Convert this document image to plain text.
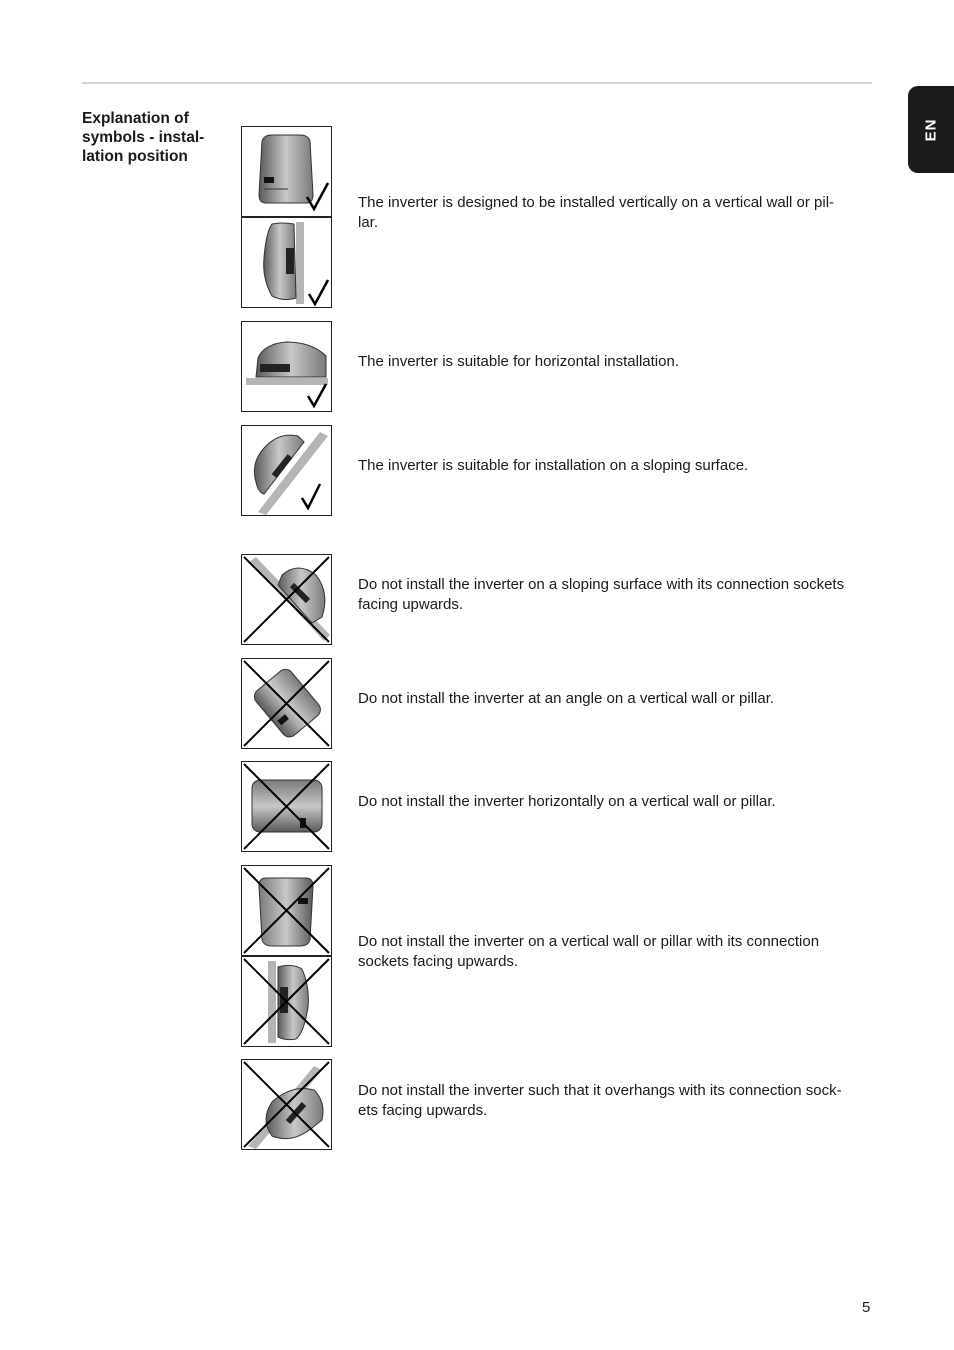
EN
Explanation of
symbols - instal-
lation position
The inverter is designed to be installed vertically on a vertical wall or pil-
lar.
The inverter is suitable for horizontal installation.
The inverter is suitable for installation on a sloping surface.
Do not install the inverter on a sloping surface with its connection sockets
facing upwards.
Do not install the inverter at an angle on a vertical wall or pillar.
Do not install the inverter horizontally on a vertical wall or pillar.
Do not install the inverter on a vertical wall or pillar with its connection
sockets facing upwards.
Do not install the inverter such that it overhangs with its connection sock-
ets facing upwards.
5
